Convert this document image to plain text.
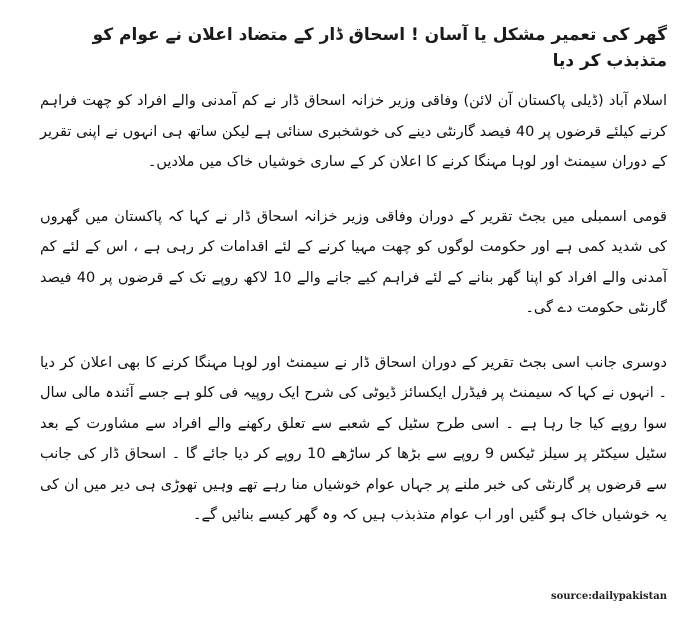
گھر کی تعمیر مشکل یا آسان ! اسحاق ڈار کے متضاد اعلان نے عوام کو متذبذب کر دیا

اسلام آباد (ڈیلی پاکستان آن لائن) وفاقی وزیر خزانہ اسحاق ڈار نے کم آمدنی والے افراد کو چھت فراہم کرنے کیلئے قرضوں پر 40 فیصد گارنٹی دینے کی خوشخبری سنائی ہے لیکن ساتھ ہی انہوں نے اپنی تقریر کے دوران سیمنٹ اور لوہا مہنگا کرنے کا اعلان کر کے ساری خوشیاں خاک میں ملادیں۔

قومی اسمبلی میں بجٹ تقریر کے دوران وفاقی وزیر خزانہ اسحاق ڈار نے کہا کہ پاکستان میں گھروں کی شدید کمی ہے اور حکومت لوگوں کو چھت مہیا کرنے کے لئے اقدامات کر رہی ہے ، اس کے لئے کم آمدنی والے افراد کو اپنا گھر بنانے کے لئے فراہم کیے جانے والے 10 لاکھ روپے تک کے قرضوں پر 40 فیصد گارنٹی حکومت دے گی۔

دوسری جانب اسی بجٹ تقریر کے دوران اسحاق ڈار نے سیمنٹ اور لوہا مہنگا کرنے کا بھی اعلان کر دیا ۔ انہوں نے کہا کہ سیمنٹ پر فیڈرل ایکسائز ڈیوٹی کی شرح ایک روپیہ فی کلو ہے جسے آئندہ مالی سال سوا روپے کیا جا رہا ہے ۔ اسی طرح سٹیل کے شعبے سے تعلق رکھنے والے افراد سے مشاورت کے بعد سٹیل سیکٹر پر سیلز ٹیکس 9 روپے سے بڑھا کر ساڑھے 10 روپے کر دیا جائے گا ۔ اسحاق ڈار کی جانب سے قرضوں پر گارنٹی کی خبر ملنے پر جہاں عوام خوشیاں منا رہے تھے وہیں تھوڑی ہی دیر میں ان کی یہ خوشیاں خاک ہو گئیں اور اب عوام متذبذب ہیں کہ وہ گھر کیسے بنائیں گے۔

source:dailypakistan
